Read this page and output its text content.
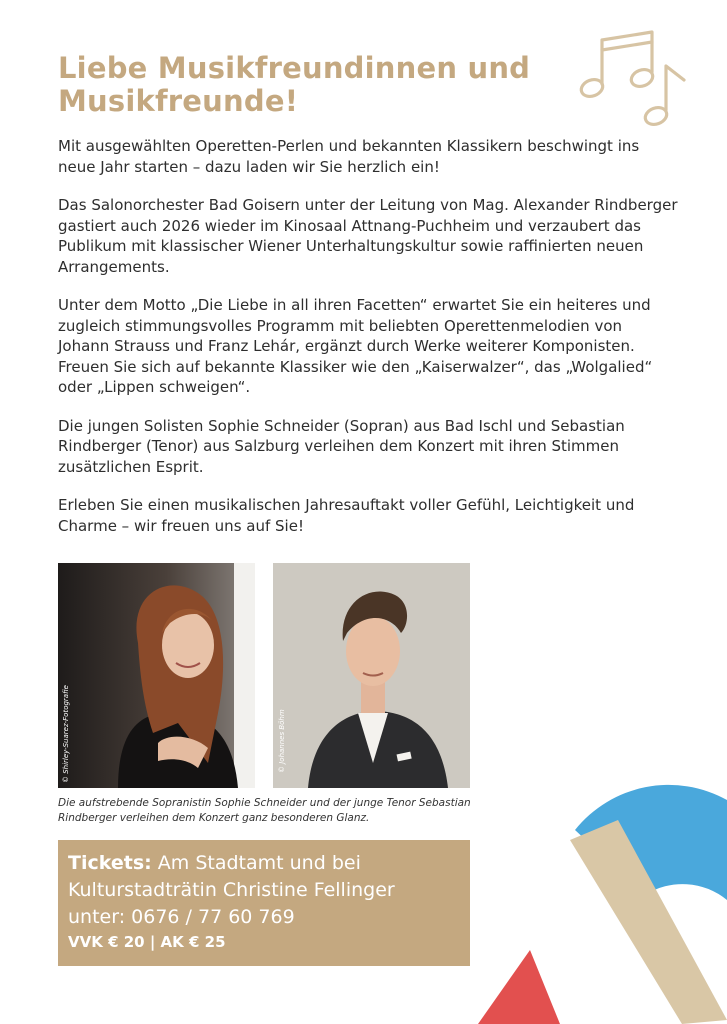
Liebe Musikfreundinnen und Musikfreunde!

Mit ausgewählten Operetten-Perlen und bekannten Klassikern beschwingt ins neue Jahr starten – dazu laden wir Sie herzlich ein!

Das Salonorchester Bad Goisern unter der Leitung von Mag. Alexander Rindberger gastiert auch 2026 wieder im Kinosaal Attnang-Puchheim und verzaubert das Publikum mit klassischer Wiener Unterhaltungskultur sowie raffinierten neuen Arrangements.

Unter dem Motto „Die Liebe in all ihren Facetten“ erwartet Sie ein heiteres und zugleich stimmungsvolles Programm mit beliebten Operettenmelodien von Johann Strauss und Franz Lehár, ergänzt durch Werke weiterer Komponisten. Freuen Sie sich auf bekannte Klassiker wie den „Kaiserwalzer“, das „Wolgalied“ oder „Lippen schweigen“.

Die jungen Solisten Sophie Schneider (Sopran) aus Bad Ischl und Sebastian Rindberger (Tenor) aus Salzburg verleihen dem Konzert mit ihren Stimmen zusätzlichen Esprit.

Erleben Sie einen musikalischen Jahresauftakt voller Gefühl, Leichtigkeit und Charme – wir freuen uns auf Sie!

© Shirley-Suarez-Fotografie	© Johannes Böhm

Die aufstrebende Sopranistin Sophie Schneider und der junge Tenor Sebastian Rindberger verleihen dem Konzert ganz besonderen Glanz.

Tickets: Am Stadtamt und bei
Kulturstadträtin Christine Fellinger
unter: 0676 / 77 60 769
VVK € 20 | AK € 25
